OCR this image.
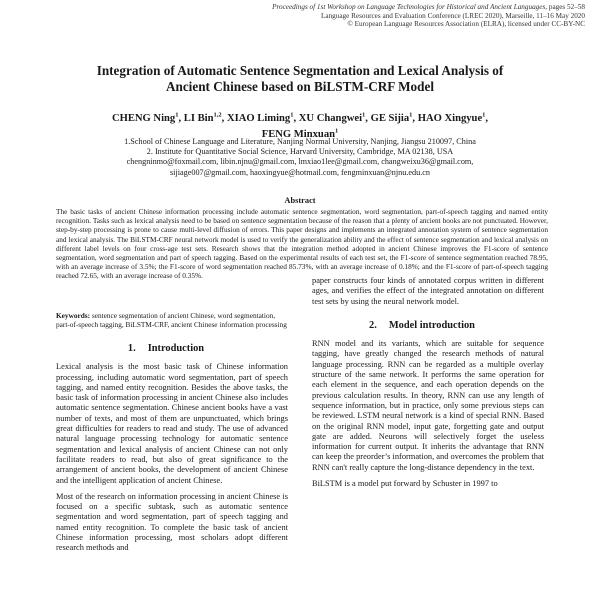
Proceedings of 1st Workshop on Language Technologies for Historical and Ancient Languages, pages 52–58
Language Resources and Evaluation Conference (LREC 2020), Marseille, 11–16 May 2020
© European Language Resources Association (ELRA), licensed under CC-BY-NC
Integration of Automatic Sentence Segmentation and Lexical Analysis of
Ancient Chinese based on BiLSTM-CRF Model
CHENG Ning$^1$, LI Bin$^{1,2}$, XIAO Liming$^1$, XU Changwei$^1$, GE Sijia$^1$, HAO Xingyue$^1$,
FENG Minxuan$^1$
1.School of Chinese Language and Literature, Nanjing Normal University, Nanjing, Jiangsu 210097, China
2. Institute for Quantitative Social Science, Harvard University, Cambridge, MA 02138, USA
chengninmo@foxmail.com, libin.njnu@gmail.com, lmxiao1lee@gmail.com, changweixu36@gmail.com,
sijiage007@gmail.com, haoxingyue@hotmail.com, fengminxuan@njnu.edu.cn
Abstract
The basic tasks of ancient Chinese information processing include automatic sentence segmentation, word segmentation, part-of-speech tagging and named entity recognition. Tasks such as lexical analysis need to be based on sentence segmentation because of the reason that a plenty of ancient books are not punctuated. However, step-by-step processing is prone to cause multi-level diffusion of errors. This paper designs and implements an integrated annotation system of sentence segmentation and lexical analysis. The BiLSTM-CRF neural network model is used to verify the generalization ability and the effect of sentence segmentation and lexical analysis on different label levels on four cross-age test sets. Research shows that the integration method adopted in ancient Chinese improves the F1-score of sentence segmentation, word segmentation and part of speech tagging. Based on the experimental results of each test set, the F1-score of sentence segmentation reached 78.95, with an average increase of 3.5%; the F1-score of word segmentation reached 85.73%, with an average increase of 0.18%; and the F1-score of part-of-speech tagging reached 72.65, with an average increase of 0.35%.
Keywords: sentence segmentation of ancient Chinese, word segmentation, part-of-speech tagging, BiLSTM-CRF, ancient Chinese information processing
1. Introduction

Lexical analysis is the most basic task of Chinese information processing, including automatic word segmentation, part of speech tagging, and named entity recognition. Besides the above tasks, the basic task of information processing in ancient Chinese also includes automatic sentence segmentation. Chinese ancient books have a vast number of texts, and most of them are unpunctuated, which brings great difficulties for readers to read and study. The use of advanced natural language processing technology for automatic sentence segmentation and lexical analysis of ancient Chinese can not only facilitate readers to read, but also of great significance to the arrangement of ancient books, the development of ancient Chinese and the intelligent application of ancient Chinese.

Most of the research on information processing in ancient Chinese is focused on a specific subtask, such as automatic sentence segmentation and word segmentation, part of speech tagging and named entity recognition. To complete the basic task of ancient Chinese information processing, most scholars adopt different research methods and

paper constructs four kinds of annotated corpus written in different ages, and verifies the effect of the integrated annotation on different test sets by using the neural network model.

2. Model introduction

RNN model and its variants, which are suitable for sequence tagging, have greatly changed the research methods of natural language processing. RNN can be regarded as a multiple overlay structure of the same network. It performs the same operation for each element in the sequence, and each operation depends on the previous calculation results. In theory, RNN can use any length of sequence information, but in practice, only some previous steps can be reviewed. LSTM neural network is a kind of special RNN. Based on the original RNN model, input gate, forgetting gate and output gate are added. Neurons will selectively forget the useless information for current output. It inherits the advantage that RNN can keep the preorder’s information, and overcomes the problem that RNN can't really capture the long-distance dependency in the text.

BiLSTM is a model put forward by Schuster in 1997 to
